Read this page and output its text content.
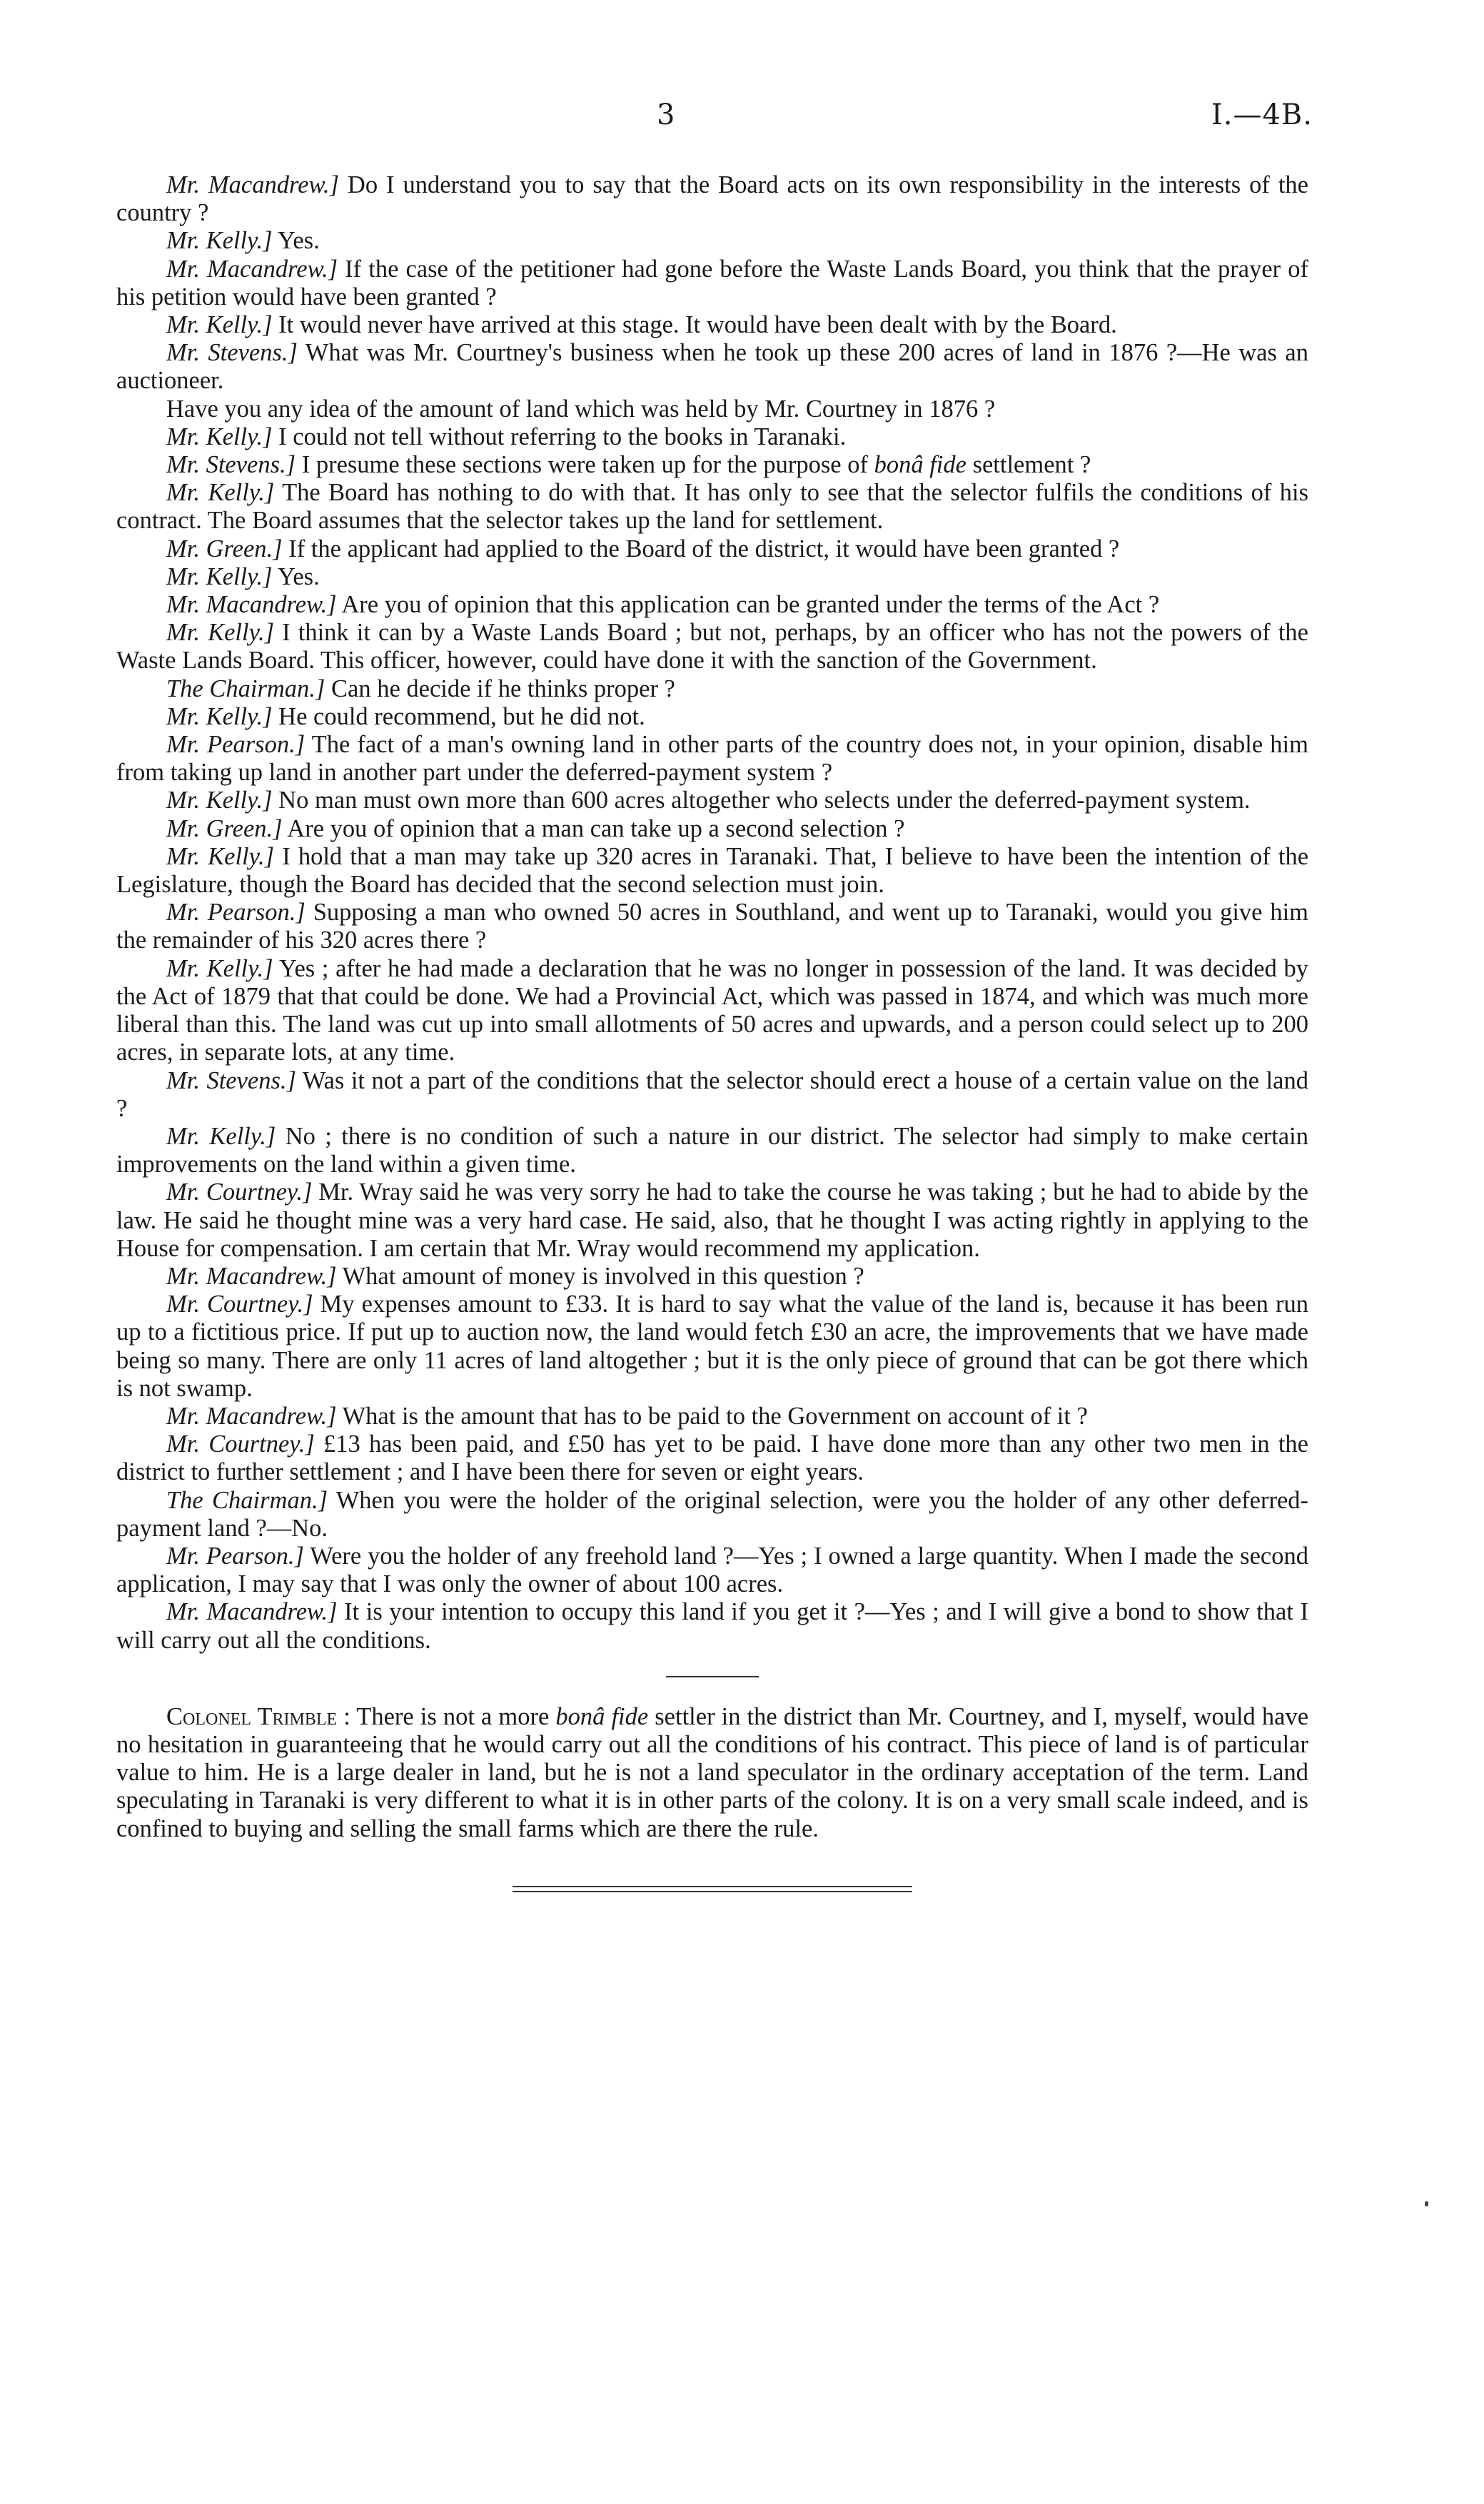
3	I.—4B.

Mr. Macandrew.] Do I understand you to say that the Board acts on its own responsibility in the interests of the country ?

Mr. Kelly.] Yes.

Mr. Macandrew.] If the case of the petitioner had gone before the Waste Lands Board, you think that the prayer of his petition would have been granted ?

Mr. Kelly.] It would never have arrived at this stage. It would have been dealt with by the Board.

Mr. Stevens.] What was Mr. Courtney's business when he took up these 200 acres of land in 1876 ?—He was an auctioneer.

Have you any idea of the amount of land which was held by Mr. Courtney in 1876 ?

Mr. Kelly.] I could not tell without referring to the books in Taranaki.

Mr. Stevens.] I presume these sections were taken up for the purpose of bonâ fide settlement ?

Mr. Kelly.] The Board has nothing to do with that. It has only to see that the selector fulfils the conditions of his contract. The Board assumes that the selector takes up the land for settlement.

Mr. Green.] If the applicant had applied to the Board of the district, it would have been granted ?

Mr. Kelly.] Yes.

Mr. Macandrew.] Are you of opinion that this application can be granted under the terms of the Act ?

Mr. Kelly.] I think it can by a Waste Lands Board ; but not, perhaps, by an officer who has not the powers of the Waste Lands Board. This officer, however, could have done it with the sanction of the Government.

The Chairman.] Can he decide if he thinks proper ?

Mr. Kelly.] He could recommend, but he did not.

Mr. Pearson.] The fact of a man's owning land in other parts of the country does not, in your opinion, disable him from taking up land in another part under the deferred-payment system ?

Mr. Kelly.] No man must own more than 600 acres altogether who selects under the deferred-payment system.

Mr. Green.] Are you of opinion that a man can take up a second selection ?

Mr. Kelly.] I hold that a man may take up 320 acres in Taranaki. That, I believe to have been the intention of the Legislature, though the Board has decided that the second selection must join.

Mr. Pearson.] Supposing a man who owned 50 acres in Southland, and went up to Taranaki, would you give him the remainder of his 320 acres there ?

Mr. Kelly.] Yes ; after he had made a declaration that he was no longer in possession of the land. It was decided by the Act of 1879 that that could be done. We had a Provincial Act, which was passed in 1874, and which was much more liberal than this. The land was cut up into small allotments of 50 acres and upwards, and a person could select up to 200 acres, in separate lots, at any time.

Mr. Stevens.] Was it not a part of the conditions that the selector should erect a house of a certain value on the land ?

Mr. Kelly.] No ; there is no condition of such a nature in our district. The selector had simply to make certain improvements on the land within a given time.

Mr. Courtney.] Mr. Wray said he was very sorry he had to take the course he was taking ; but he had to abide by the law. He said he thought mine was a very hard case. He said, also, that he thought I was acting rightly in applying to the House for compensation. I am certain that Mr. Wray would recommend my application.

Mr. Macandrew.] What amount of money is involved in this question ?

Mr. Courtney.] My expenses amount to £33. It is hard to say what the value of the land is, because it has been run up to a fictitious price. If put up to auction now, the land would fetch £30 an acre, the improvements that we have made being so many. There are only 11 acres of land altogether ; but it is the only piece of ground that can be got there which is not swamp.

Mr. Macandrew.] What is the amount that has to be paid to the Government on account of it ?

Mr. Courtney.] £13 has been paid, and £50 has yet to be paid. I have done more than any other two men in the district to further settlement ; and I have been there for seven or eight years.

The Chairman.] When you were the holder of the original selection, were you the holder of any other deferred-payment land ?—No.

Mr. Pearson.] Were you the holder of any freehold land ?—Yes ; I owned a large quantity. When I made the second application, I may say that I was only the owner of about 100 acres.

Mr. Macandrew.] It is your intention to occupy this land if you get it ?—Yes ; and I will give a bond to show that I will carry out all the conditions.

Colonel Trimble : There is not a more bonâ fide settler in the district than Mr. Courtney, and I, myself, would have no hesitation in guaranteeing that he would carry out all the conditions of his contract. This piece of land is of particular value to him. He is a large dealer in land, but he is not a land speculator in the ordinary acceptation of the term. Land speculating in Taranaki is very different to what it is in other parts of the colony. It is on a very small scale indeed, and is confined to buying and selling the small farms which are there the rule.
